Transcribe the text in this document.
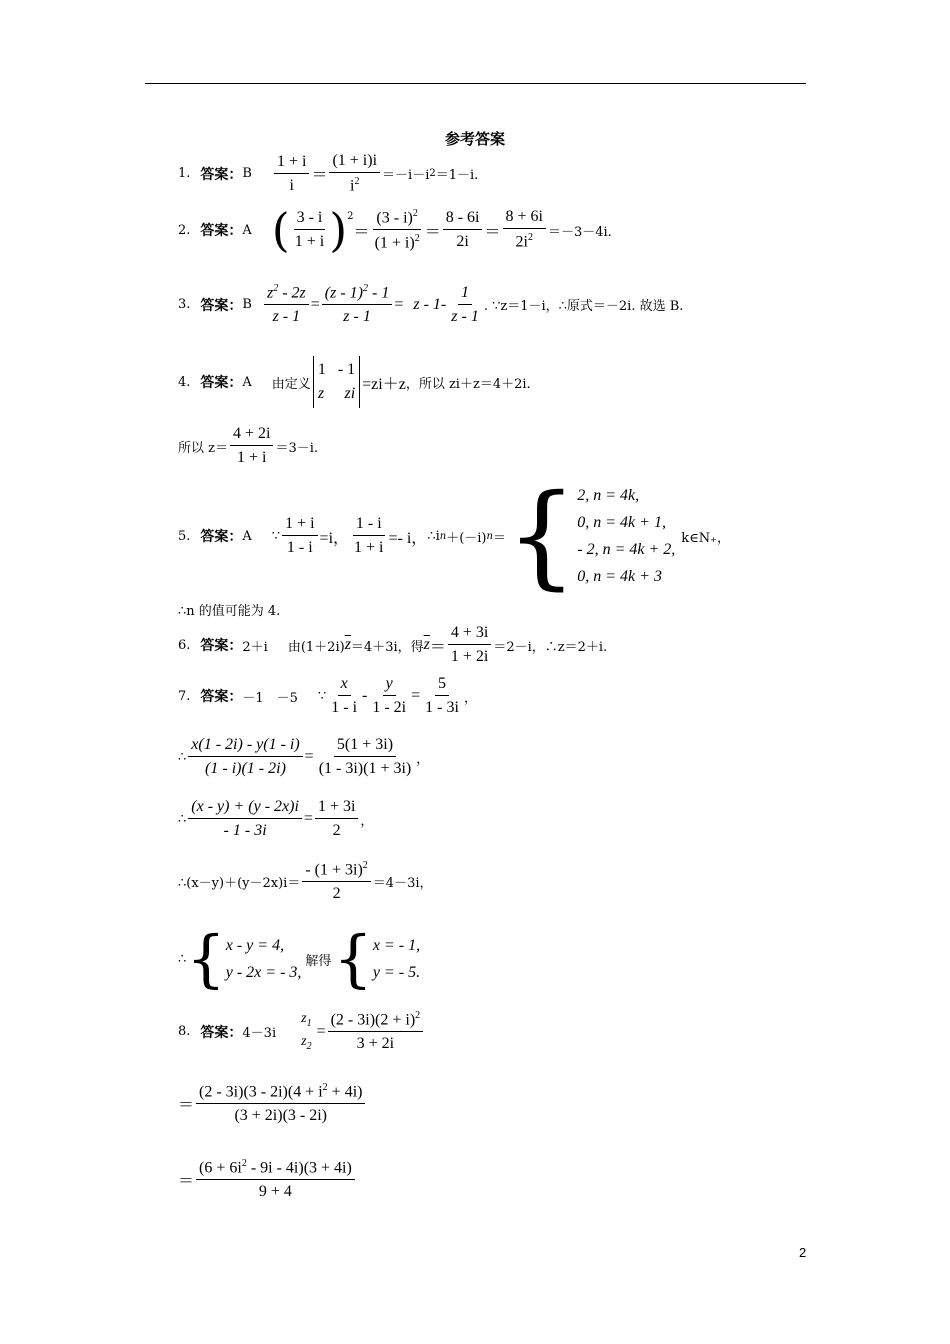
参考答案
1. 答案： B $\frac{1 + i}{i} = \frac{(1 + i)i}{i^2} =-i-i$ 2 ＝1－i.
2. 答案： A ( $\frac{3 - i}{1 + i} )^2$
＝ $\frac{(3 - i)^2}{(1 + i)^2} = \frac{8 - 6i}{2i} = \frac{8 + 6i}{2i^2} =-3-4i$.
3. 答案： B $\frac{z^2 - 2z}{z - 1} = \frac{(z - 1)^2 - 1}{z - 1} = z - 1- \frac{1}{z - 1}$ . ∵z＝1－i，∴原式＝－2i. 故选 B.
4. 答案： A 由定义
1 - 1
z zi
=zi＋z ，所以 zi＋z＝4＋2i.
所以 $z= \frac{4 + 2i}{1 + i} =3-i$.
5. 答案： A ∵ $\frac{1 + i}{1 - i} =i$， $\frac{1 - i}{1 + i} =- i$， ∴i n ＋(－i) n ＝ { 2, n = 4k,
0, n = 4k + 1,
- 2, n = 4k + 2,
0, n = 4k + 3
k∈N₊，
∴n 的值可能为 4.
6. 答案： 2＋i 由(1＋2i) $\overline{z} =4+3i$，得 $\overline{z} = \frac{4 + 3i}{1 + 2i} =2-i$，∴z＝2＋i.
7. 答案： －1　－5 ∵ $\frac{x}{1 - i} - \frac{y}{1 - 2i} = \frac{5}{1 - 3i}$ ，
∴ $\frac{x(1 - 2i) - y(1 - i)}{(1 - i)(1 - 2i)} = \frac{5(1 + 3i)}{(1 - 3i)(1 + 3i)}$ ，
∴ $\frac{(x - y) + (y - 2x)i}{- 1 - 3i} = \frac{1 + 3i}{2}$ ，
∴(x－y)＋(y－2x)i＝ $\frac{- (1 + 3i)^2}{2} =4-3i$，
∴ { x - y = 4,
y - 2x = - 3,
解得 { x = - 1,
y = - 5.
8. 答案： 4－3i
$z_1$
$z_2$
= $\frac{(2 - 3i)(2 + i)^2}{3 + 2i}$
＝ $\frac{(2 - 3i)(3 - 2i)(4 + i^2 + 4i)}{(3 + 2i)(3 - 2i)}$
＝ $\frac{(6 + 6i^2 - 9i - 4i)(3 + 4i)}{9 + 4}$
2
